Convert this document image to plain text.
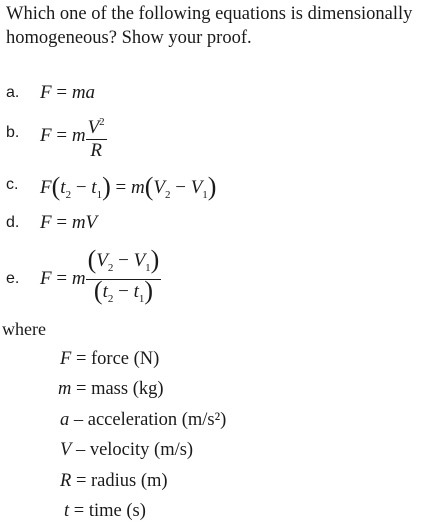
Which one of the following equations is dimensionally homogeneous? Show your proof.
a.	F = ma
b.	F = m $\frac{V^2}{R}$
c.	$F(t_2 - t_1) = m(V_2 - V_1)$
d.	F = mV
e.	F = m $\frac{(V_2 - V_1)}{(t_2 - t_1)}$
where
F = force (N)
m = mass (kg)
a – acceleration (m/s²)
V – velocity (m/s)
R = radius (m)
t = time (s)
